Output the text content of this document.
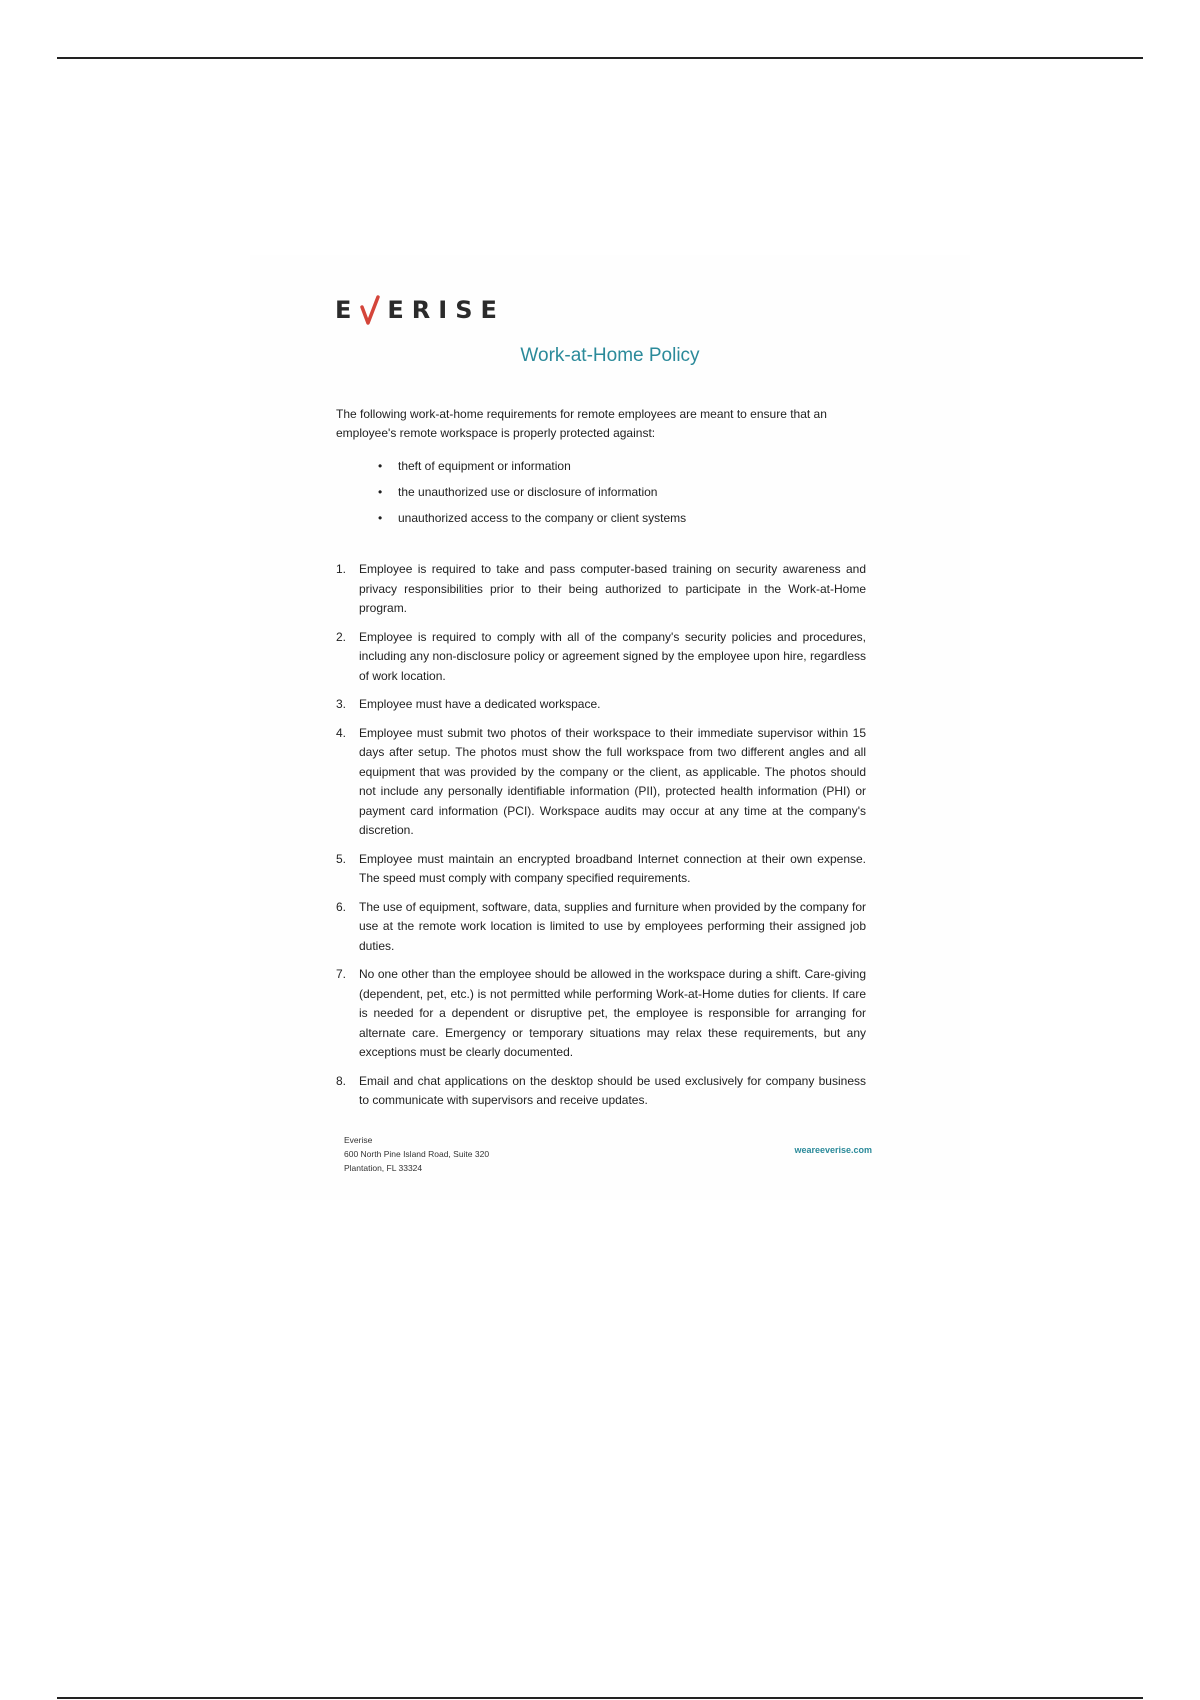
E ERISE
Work-at-Home Policy
The following work-at-home requirements for remote employees are meant to ensure that an employee's remote workspace is properly protected against:
•	theft of equipment or information
•	the unauthorized use or disclosure of information
•	unauthorized access to the company or client systems
1.	Employee is required to take and pass computer-based training on security awareness and privacy responsibilities prior to their being authorized to participate in the Work-at-Home program.
2.	Employee is required to comply with all of the company's security policies and procedures, including any non-disclosure policy or agreement signed by the employee upon hire, regardless of work location.
3.	Employee must have a dedicated workspace.
4.	Employee must submit two photos of their workspace to their immediate supervisor within 15 days after setup. The photos must show the full workspace from two different angles and all equipment that was provided by the company or the client, as applicable. The photos should not include any personally identifiable information (PII), protected health information (PHI) or payment card information (PCI). Workspace audits may occur at any time at the company's discretion.
5.	Employee must maintain an encrypted broadband Internet connection at their own expense. The speed must comply with company specified requirements.
6.	The use of equipment, software, data, supplies and furniture when provided by the company for use at the remote work location is limited to use by employees performing their assigned job duties.
7.	No one other than the employee should be allowed in the workspace during a shift. Care-giving (dependent, pet, etc.) is not permitted while performing Work-at-Home duties for clients. If care is needed for a dependent or disruptive pet, the employee is responsible for arranging for alternate care. Emergency or temporary situations may relax these requirements, but any exceptions must be clearly documented.
8.	Email and chat applications on the desktop should be used exclusively for company business to communicate with supervisors and receive updates.
Everise
600 North Pine Island Road, Suite 320
Plantation, FL 33324
weareeverise.com
